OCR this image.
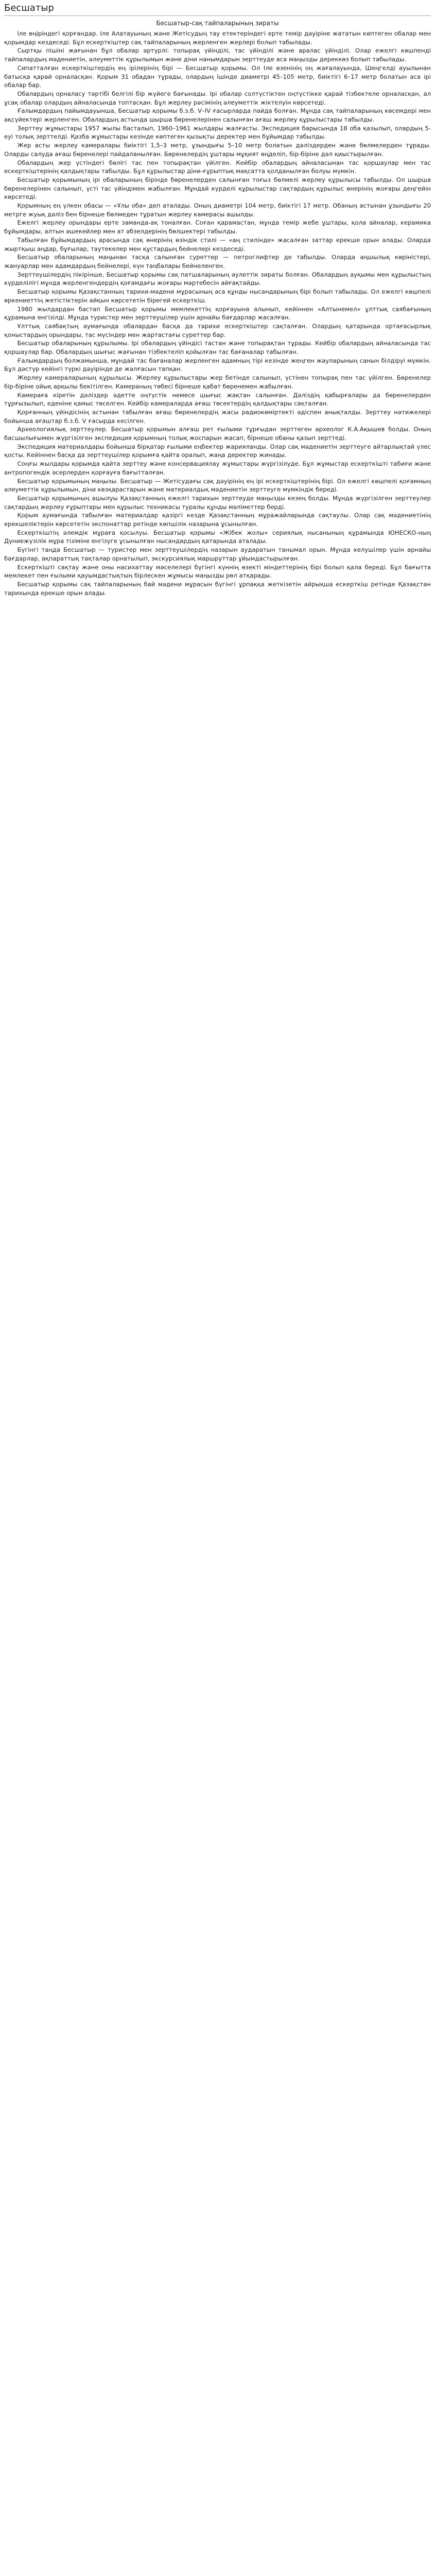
Бесшатыр
Бесшатыр-сақ тайпаларының зираты

Іле өңіріндегі қорғандар. Іле Алатауының және Жетісудың тау етектеріндегі ерте темір дәуіріне жататын көптеген обалар мен қорымдар кездеседі. Бұл ескерткіштер сақ тайпаларының жерленген жерлері болып табылады.

Сыртқы пішіні жағынан бұл обалар әртүрлі: топырақ үйінділі, тас үйінділі және аралас үйінділі. Олар ежелгі көшпенді тайпалардың мәдениетін, әлеуметтік құрылымын және діни нанымдарын зерттеуде аса маңызды дереккөз болып табылады.

Сипатталған ескерткіштердің ең ірілерінің бірі — Бесшатыр қорымы. Ол Іле өзенінің оң жағалауында, Шеңгелді ауылынан батысқа қарай орналасқан. Қорым 31 обадан тұрады, олардың ішінде диаметрі 45–105 метр, биіктігі 6–17 метр болатын аса ірі обалар бар.

Обалардың орналасу тәртібі белгілі бір жүйеге бағынады. Ірі обалар солтүстіктен оңтүстікке қарай тізбектеле орналасқан, ал ұсақ обалар олардың айналасында топтасқан. Бұл жерлеу рәсімінің әлеуметтік жіктелуін көрсетеді.

Ғалымдардың пайымдауынша, Бесшатыр қорымы б.з.б. V–IV ғасырларда пайда болған. Мұнда сақ тайпаларының көсемдері мен ақсүйектері жерленген. Обалардың астында шырша бөренелерінен салынған ағаш жерлеу құрылыстары табылды.

Зерттеу жұмыстары 1957 жылы басталып, 1960–1961 жылдары жалғасты. Экспедиция барысында 18 оба қазылып, олардың 5-еуі толық зерттелді. Қазба жұмыстары кезінде көптеген қызықты деректер мен бұйымдар табылды.

Жер асты жерлеу камералары биіктігі 1,5–3 метр, ұзындығы 5–10 метр болатын дәліздерден және бөлмелерден тұрады. Оларды салуда ағаш бөренелері пайдаланылған. Бөренелердің ұштары мұқият өңделіп, бір-біріне дәл қиыстырылған.

Обалардың жер үстіндегі бөлігі тас пен топырақтан үйілген. Кейбір обалардың айналасынан тас қоршаулар мен тас ескерткіштерінің қалдықтары табылды. Бұл құрылыстар діни-ғұрыптық мақсатта қолданылған болуы мүмкін.

Бесшатыр қорымының ірі обаларының бірінде бөренелерден салынған тоғыз бөлмелі жерлеу құрылысы табылды. Ол шырша бөренелерінен салынып, үсті тас үйіндімен жабылған. Мұндай күрделі құрылыстар сақтардың құрылыс өнерінің жоғары деңгейін көрсетеді.

Қорымның ең үлкен обасы — «Ұлы оба» деп аталады. Оның диаметрі 104 метр, биіктігі 17 метр. Обаның астынан ұзындығы 20 метрге жуық дәліз бен бірнеше бөлмеден тұратын жерлеу камерасы ашылды.

Ежелгі жерлеу орындары ерте заманда-ақ тоналған. Соған қарамастан, мұнда темір жебе ұштары, қола айналар, керамика бұйымдары, алтын әшекейлер мен ат әбзелдерінің бөлшектері табылды.

Табылған бұйымдардың арасында сақ өнерінің өзіндік стилі — «аң стилінде» жасалған заттар ерекше орын алады. Оларда жыртқыш аңдар, бұғылар, таутекелер мен құстардың бейнелері кездеседі.

Бесшатыр обаларының маңынан тасқа салынған суреттер — петроглифтер де табылды. Оларда аңшылық көріністері, жануарлар мен адамдардың бейнелері, күн таңбалары бейнеленген.

Зерттеушілердің пікірінше, Бесшатыр қорымы сақ патшаларының әулеттік зираты болған. Обалардың ауқымы мен құрылыстың күрделілігі мұнда жерленгендердің қоғамдағы жоғары мәртебесін айғақтайды.

Бесшатыр қорымы Қазақстанның тарихи-мәдени мұрасының аса құнды нысандарының бірі болып табылады. Ол ежелгі көшпелі өркениеттің жетістіктерін айқын көрсететін бірегей ескерткіш.

1980 жылдардан бастап Бесшатыр қорымы мемлекеттің қорғауына алынып, кейіннен «Алтынемел» ұлттық саябағының құрамына енгізілді. Мұнда туристер мен зерттеушілер үшін арнайы бағдарлар жасалған.

Ұлттық саябақтың аумағында обалардан басқа да тарихи ескерткіштер сақталған. Олардың қатарында ортағасырлық қоныстардың орындары, тас мүсіндер мен жартастағы суреттер бар.

Бесшатыр обаларының құрылымы. Ірі обалардың үйіндісі тастан және топырақтан тұрады. Кейбір обалардың айналасында тас қоршаулар бар. Обалардың шығыс жағынан тізбектеліп қойылған тас бағаналар табылған.

Ғалымдардың болжамынша, мұндай тас бағаналар жерленген адамның тірі кезінде жеңген жауларының санын білдіруі мүмкін. Бұл дәстүр кейінгі түркі дәуірінде де жалғасын тапқан.

Жерлеу камераларының құрылысы. Жерлеу құрылыстары жер бетінде салынып, үстінен топырақ пен тас үйілген. Бөренелер бір-біріне ойық арқылы бекітілген. Камераның төбесі бірнеше қабат бөренемен жабылған.

Камераға кіретін дәліздер әдетте оңтүстік немесе шығыс жақтан салынған. Дәліздің қабырғалары да бөренелерден тұрғызылып, еденіне қамыс төселген. Кейбір камераларда ағаш төсектердің қалдықтары сақталған.

Қорғанның үйіндісінің астынан табылған ағаш бөренелердің жасы радиокөміртекті әдіспен анықталды. Зерттеу нәтижелері бойынша ағаштар б.з.б. V ғасырда кесілген.

Археологиялық зерттеулер. Бесшатыр қорымын алғаш рет ғылыми тұрғыдан зерттеген археолог К.А.Ақышев болды. Оның басшылығымен жүргізілген экспедиция қорымның толық жоспарын жасап, бірнеше обаны қазып зерттеді.

Экспедиция материалдары бойынша бірқатар ғылыми еңбектер жарияланды. Олар сақ мәдениетін зерттеуге айтарлықтай үлес қосты. Кейіннен басқа да зерттеушілер қорымға қайта оралып, жаңа деректер жинады.

Соңғы жылдары қорымда қайта зерттеу және консервациялау жұмыстары жүргізілуде. Бұл жұмыстар ескерткішті табиғи және антропогендік әсерлерден қорғауға бағытталған.

Бесшатыр қорымының маңызы. Бесшатыр — Жетісудағы сақ дәуірінің ең ірі ескерткіштерінің бірі. Ол ежелгі көшпелі қоғамның әлеуметтік құрылымын, діни көзқарастарын және материалдық мәдениетін зерттеуге мүмкіндік береді.

Бесшатыр қорымының ашылуы Қазақстанның ежелгі тарихын зерттеуде маңызды кезең болды. Мұнда жүргізілген зерттеулер сақтардың жерлеу ғұрыптары мен құрылыс техникасы туралы құнды мәліметтер берді.

Қорым аумағында табылған материалдар қазіргі кезде Қазақстанның мұражайларында сақтаулы. Олар сақ мәдениетінің ерекшеліктерін көрсететін экспонаттар ретінде көпшілік назарына ұсынылған.

Ескерткіштің әлемдік мұраға қосылуы. Бесшатыр қорымы «Жібек жолы» сериялық нысанының құрамында ЮНЕСКО-ның Дүниежүзілік мұра тізіміне енгізуге ұсынылған нысандардың қатарында аталады.

Бүгінгі таңда Бесшатыр — туристер мен зерттеушілердің назарын аударатын танымал орын. Мұнда келушілер үшін арнайы бағдарлар, ақпараттық тақталар орнатылып, экскурсиялық маршруттар ұйымдастырылған.

Ескерткішті сақтау және оны насихаттау мәселелері бүгінгі күннің өзекті міндеттерінің бірі болып қала береді. Бұл бағытта мемлекет пен ғылыми қауымдастықтың бірлескен жұмысы маңызды рөл атқарады.

Бесшатыр қорымы сақ тайпаларының бай мәдени мұрасын бүгінгі ұрпаққа жеткізетін айрықша ескерткіш ретінде Қазақстан тарихында ерекше орын алады.
